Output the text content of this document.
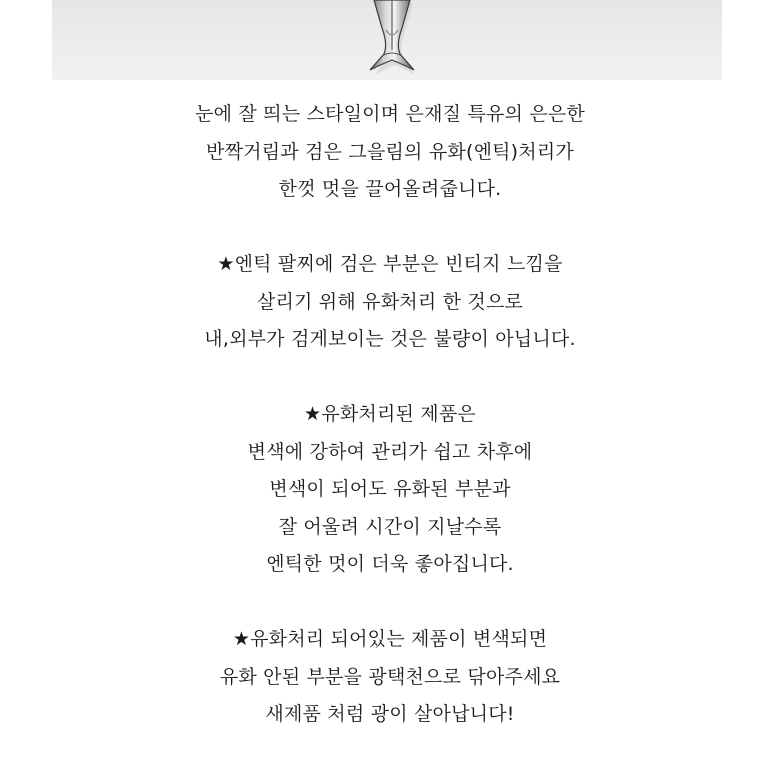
눈에 잘 띄는 스타일이며 은재질 특유의 은은한
반짝거림과 검은 그을림의 유화(엔틱)처리가
한껏 멋을 끌어올려줍니다.
★엔틱 팔찌에 검은 부분은 빈티지 느낌을
살리기 위해 유화처리 한 것으로
내,외부가 검게보이는 것은 불량이 아닙니다.
★유화처리된 제품은
변색에 강하여 관리가 쉽고 차후에
변색이 되어도 유화된 부분과
잘 어울려 시간이 지날수록
엔틱한 멋이 더욱 좋아집니다.
★유화처리 되어있는 제품이 변색되면
유화 안된 부분을 광택천으로 닦아주세요
새제품 처럼 광이 살아납니다!
